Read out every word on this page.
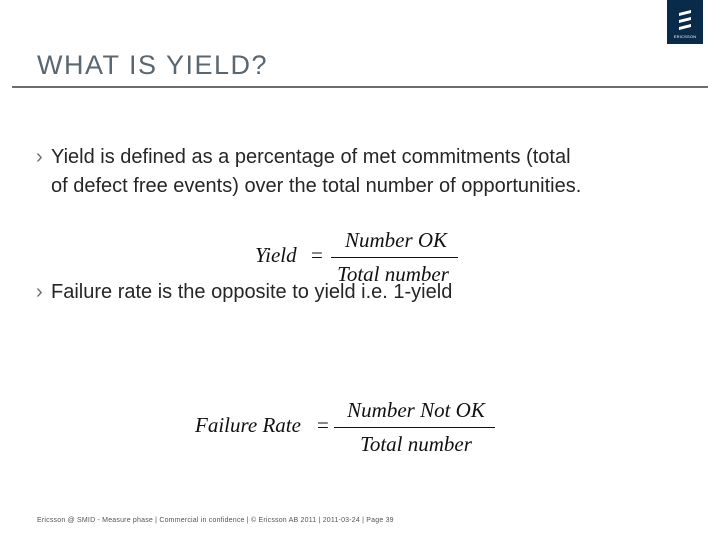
ERICSSON
WHAT IS YIELD?
› Yield is defined as a percentage of met commitments (total
of defect free events) over the total number of opportunities.
Yield =
Number OK
Total number
› Failure rate is the opposite to yield i.e. 1-yield
Failure Rate =
Number Not OK
Total number
Ericsson @ SMID - Measure phase | Commercial in confidence | © Ericsson AB 2011 | 2011-03-24 | Page 39
